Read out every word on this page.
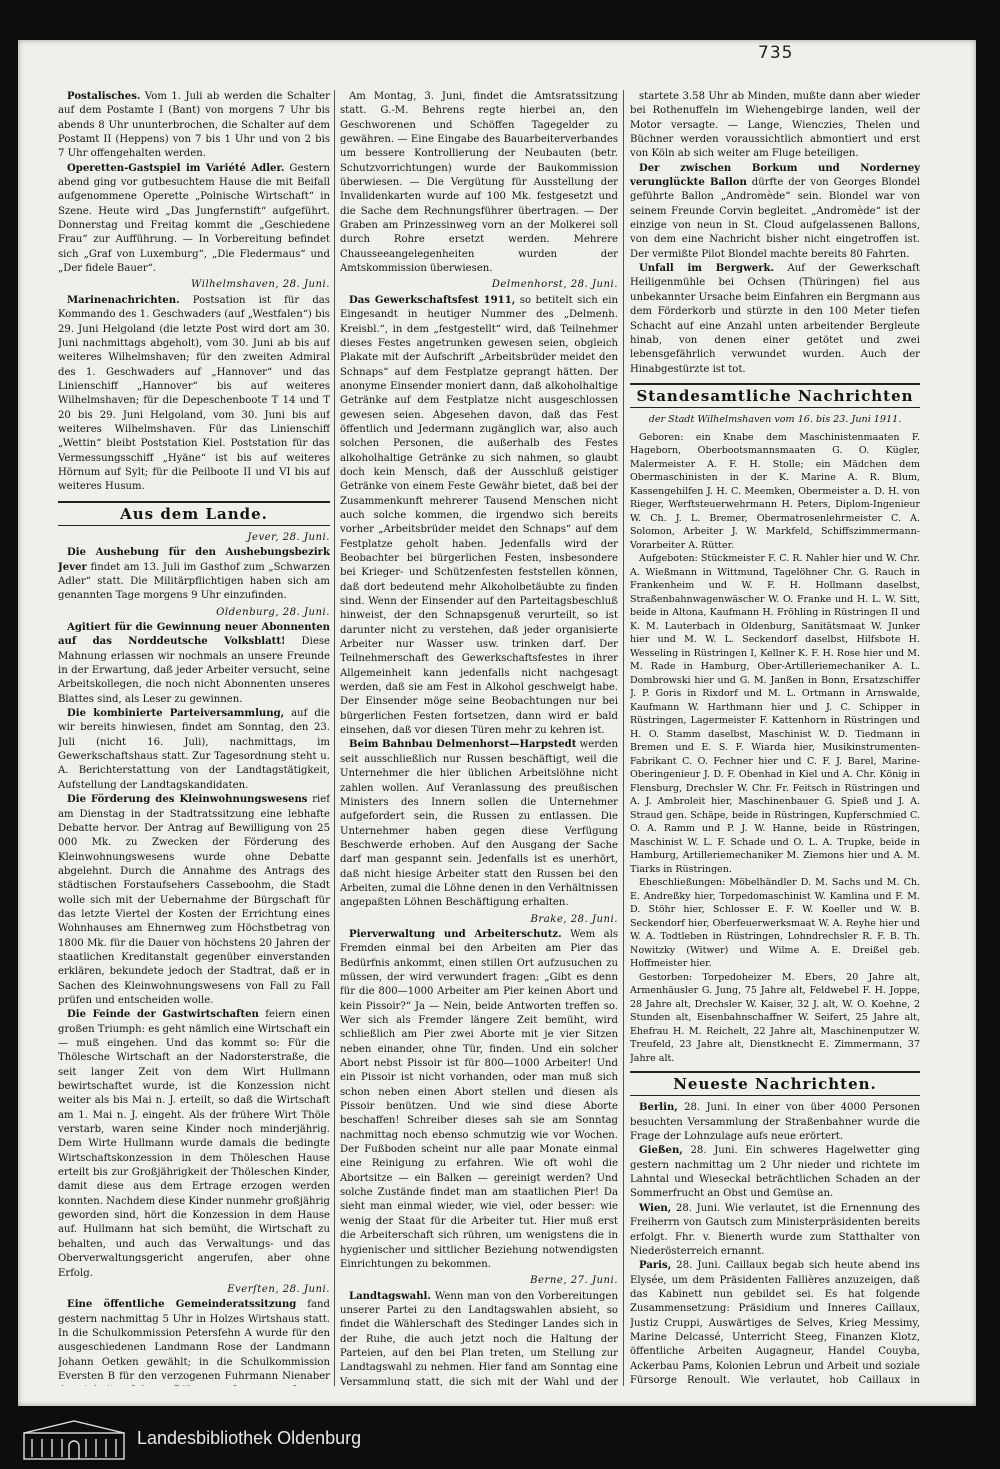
735

Postalisches. Vom 1. Juli ab werden die Schalter auf dem Postamte I (Bant) von morgens 7 Uhr bis abends 8 Uhr ununterbrochen, die Schalter auf dem Postamt II (Heppens) von 7 bis 1 Uhr und von 2 bis 7 Uhr offengehalten werden.

Operetten-Gastspiel im Variété Adler. Gestern abend ging vor gutbesuchtem Hause die mit Beifall aufgenommene Operette „Polnische Wirtschaft“ in Szene. Heute wird „Das Jungfernstift“ aufgeführt. Donnerstag und Freitag kommt die „Geschiedene Frau“ zur Aufführung. — In Vorbereitung befindet sich „Graf von Luxemburg“, „Die Fledermaus“ und „Der fidele Bauer“.

Wilhelmshaven, 28. Juni.

Marinenachrichten. Postsation ist für das Kommando des 1. Geschwaders (auf „Westfalen“) bis 29. Juni Helgoland (die letzte Post wird dort am 30. Juni nachmittags abgeholt), vom 30. Juni ab bis auf weiteres Wilhelmshaven; für den zweiten Admiral des 1. Geschwaders auf „Hannover“ und das Linienschiff „Hannover“ bis auf weiteres Wilhelmshaven; für die Depeschenboote T 14 und T 20 bis 29. Juni Helgoland, vom 30. Juni bis auf weiteres Wilhelmshaven. Für das Linienschiff „Wettin“ bleibt Poststation Kiel. Poststation für das Vermessungsschiff „Hyäne“ ist bis auf weiteres Hörnum auf Sylt; für die Peilboote II und VI bis auf weiteres Husum.

Aus dem Lande.
Jever, 28. Juni.

Die Aushebung für den Aushebungsbezirk Jever findet am 13. Juli im Gasthof zum „Schwarzen Adler“ statt. Die Militärpflichtigen haben sich am genannten Tage morgens 9 Uhr einzufinden.

Oldenburg, 28. Juni.

Agitiert für die Gewinnung neuer Abonnenten auf das Norddeutsche Volksblatt! Diese Mahnung erlassen wir nochmals an unsere Freunde in der Erwartung, daß jeder Arbeiter versucht, seine Arbeitskollegen, die noch nicht Abonnenten unseres Blattes sind, als Leser zu gewinnen.

Die kombinierte Parteiversammlung, auf die wir bereits hinwiesen, findet am Sonntag, den 23. Juli (nicht 16. Juli), nachmittags, im Gewerkschaftshaus statt. Zur Tagesordnung steht u. A. Berichterstattung von der Landtagstätigkeit, Aufstellung der Landtagskandidaten.

Die Förderung des Kleinwohnungswesens rief am Dienstag in der Stadtratssitzung eine lebhafte Debatte hervor. Der Antrag auf Bewilligung von 25 000 Mk. zu Zwecken der Förderung des Kleinwohnungswesens wurde ohne Debatte abgelehnt. Durch die Annahme des Antrags des städtischen Forstaufsehers Casseboohm, die Stadt wolle sich mit der Uebernahme der Bürgschaft für das letzte Viertel der Kosten der Errichtung eines Wohnhauses am Ehnernweg zum Höchstbetrag von 1800 Mk. für die Dauer von höchstens 20 Jahren der staatlichen Kreditanstalt gegenüber einverstanden erklären, bekundete jedoch der Stadtrat, daß er in Sachen des Kleinwohnungswesens von Fall zu Fall prüfen und entscheiden wolle.

Die Feinde der Gastwirtschaften feiern einen großen Triumph: es geht nämlich eine Wirtschaft ein — muß eingehen. Und das kommt so: Für die Thölesche Wirtschaft an der Nadorsterstraße, die seit langer Zeit von dem Wirt Hullmann bewirtschaftet wurde, ist die Konzession nicht weiter als bis Mai n. J. erteilt, so daß die Wirtschaft am 1. Mai n. J. eingeht. Als der frühere Wirt Thöle verstarb, waren seine Kinder noch minderjährig. Dem Wirte Hullmann wurde damals die bedingte Wirtschaftskonzession in dem Thöleschen Hause erteilt bis zur Großjährigkeit der Thöleschen Kinder, damit diese aus dem Ertrage erzogen werden konnten. Nachdem diese Kinder nunmehr großjährig geworden sind, hört die Konzession in dem Hause auf. Hullmann hat sich bemüht, die Wirtschaft zu behalten, und auch das Verwaltungs- und das Oberverwaltungsgericht angerufen, aber ohne Erfolg.

Everſten, 28. Juni.

Eine öffentliche Gemeinderatssitzung fand gestern nachmittag 5 Uhr in Holzes Wirtshaus statt. In die Schulkommission Petersfehn A wurde für den ausgeschiedenen Landmann Rose der Landmann Johann Oetken gewählt; in die Schulkommission Eversten B für den verzogenen Fuhrmann Nienaber

Am Montag, 3. Juni, findet die Amtsratssitzung statt. G.-M. Behrens regte hierbei an, den Geschworenen und Schöffen Tagegelder zu gewähren. — Eine Eingabe des Bauarbeiterverbandes um bessere Kontrollierung der Neubauten (betr. Schutzvorrichtungen) wurde der Baukommission überwiesen. — Die Vergütung für Ausstellung der Invalidenkarten wurde auf 100 Mk. festgesetzt und die Sache dem Rechnungsführer übertragen. — Der Graben am Prinzessinweg vorn an der Molkerei soll durch Rohre ersetzt werden. Mehrere Chausseeangelegenheiten wurden der Amtskommission überwiesen.

Delmenhorst, 28. Juni.

Das Gewerkschaftsfest 1911, so betitelt sich ein Eingesandt in heutiger Nummer des „Delmenh. Kreisbl.“, in dem „festgestellt“ wird, daß Teilnehmer dieses Festes angetrunken gewesen seien, obgleich Plakate mit der Aufschrift „Arbeitsbrüder meidet den Schnaps“ auf dem Festplatze geprangt hätten. Der anonyme Einsender moniert dann, daß alkoholhaltige Getränke auf dem Festplatze nicht ausgeschlossen gewesen seien. Abgesehen davon, daß das Fest öffentlich und Jedermann zugänglich war, also auch solchen Personen, die außerhalb des Festes alkoholhaltige Getränke zu sich nahmen, so glaubt doch kein Mensch, daß der Ausschluß geistiger Getränke von einem Feste Gewähr bietet, daß bei der Zusammenkunft mehrerer Tausend Menschen nicht auch solche kommen, die irgendwo sich bereits vorher „Arbeitsbrüder meidet den Schnaps“ auf dem Festplatze geholt haben. Jedenfalls wird der Beobachter bei bürgerlichen Festen, insbesondere bei Krieger- und Schützenfesten feststellen können, daß dort bedeutend mehr Alkoholbetäubte zu finden sind. Wenn der Einsender auf den Parteitagsbeschluß hinweist, der den Schnapsgenuß verurteilt, so ist darunter nicht zu verstehen, daß jeder organisierte Arbeiter nur Wasser usw. trinken darf. Der Teilnehmerschaft des Gewerkschaftsfestes in ihrer Allgemeinheit kann jedenfalls nicht nachgesagt werden, daß sie am Fest in Alkohol geschwelgt habe. Der Einsender möge seine Beobachtungen nur bei bürgerlichen Festen fortsetzen, dann wird er bald einsehen, daß vor diesen Türen mehr zu kehren ist.

Beim Bahnbau Delmenhorst—Harpstedt werden seit ausschließlich nur Russen beschäftigt, weil die Unternehmer die hier üblichen Arbeitslöhne nicht zahlen wollen. Auf Veranlassung des preußischen Ministers des Innern sollen die Unternehmer aufgefordert sein, die Russen zu entlassen. Die Unternehmer haben gegen diese Verfügung Beschwerde erhoben. Auf den Ausgang der Sache darf man gespannt sein. Jedenfalls ist es unerhört, daß nicht hiesige Arbeiter statt den Russen bei den Arbeiten, zumal die Löhne denen in den Verhältnissen angepaßten Löhnen Beschäftigung erhalten.

Brake, 28. Juni.

Pierverwaltung und Arbeiterschutz. Wem als Fremden einmal bei den Arbeiten am Pier das Bedürfnis ankommt, einen stillen Ort aufzusuchen zu müssen, der wird verwundert fragen: „Gibt es denn für die 800—1000 Arbeiter am Pier keinen Abort und kein Pissoir?“ Ja — Nein, beide Antworten treffen so. Wer sich als Fremder längere Zeit bemüht, wird schließlich am Pier zwei Aborte mit je vier Sitzen neben einander, ohne Tür, finden. Und ein solcher Abort nebst Pissoir ist für 800—1000 Arbeiter! Und ein Pissoir ist nicht vorhanden, oder man muß sich schon neben einen Abort stellen und diesen als Pissoir benützen. Und wie sind diese Aborte beschaffen! Schreiber dieses sah sie am Sonntag nachmittag noch ebenso schmutzig wie vor Wochen. Der Fußboden scheint nur alle paar Monate einmal eine Reinigung zu erfahren. Wie oft wohl die Abortsitze — ein Balken — gereinigt werden? Und solche Zustände findet man am staatlichen Pier! Da sieht man einmal wieder, wie viel, oder besser: wie wenig der Staat für die Arbeiter tut. Hier muß erst die Arbeiterschaft sich rühren, um wenigstens die in hygienischer und sittlicher Beziehung notwendigsten Einrichtungen zu bekommen.

Berne, 27. Juni.

Landtagswahl. Wenn man von den Vorbereitungen unserer Partei zu den Landtagswahlen absieht, so findet die Wählerschaft des Stedinger Landes sich in der Ruhe, die auch jetzt noch die Haltung der Parteien, auf den bei Plan treten, um Stellung zur Landtagswahl zu nehmen. Hier fand am Sonntag eine Versammlung statt, die sich mit der Wahl und der

startete 3.58 Uhr ab Minden, mußte dann aber wieder bei Rothenuffeln im Wiehengebirge landen, weil der Motor versagte. — Lange, Wienczies, Thelen und Büchner werden voraussichtlich abmontiert und erst von Köln ab sich weiter am Fluge beteiligen.

Der zwischen Borkum und Norderney verunglückte Ballon dürfte der von Georges Blondel geführte Ballon „Andromède“ sein. Blondel war von seinem Freunde Corvin begleitet. „Andromède“ ist der einzige von neun in St. Cloud aufgelassenen Ballons, von dem eine Nachricht bisher nicht eingetroffen ist. Der vermißte Pilot Blondel machte bereits 80 Fahrten.

Unfall im Bergwerk. Auf der Gewerkschaft Heiligenmühle bei Ochsen (Thüringen) fiel aus unbekannter Ursache beim Einfahren ein Bergmann aus dem Förderkorb und stürzte in den 100 Meter tiefen Schacht auf eine Anzahl unten arbeitender Bergleute hinab, von denen einer getötet und zwei lebensgefährlich verwundet wurden. Auch der Hinabgestürzte ist tot.

Standesamtliche Nachrichten
der Stadt Wilhelmshaven vom 16. bis 23. Juni 1911.

Geboren: ein Knabe dem Maschinistenmaaten F. Hageborn, Oberbootsmannsmaaten G. O. Kügler, Malermeister A. F. H. Stolle; ein Mädchen dem Obermaschinisten in der K. Marine A. R. Blum, Kassengehilfen J. H. C. Meemken, Obermeister a. D. H. von Rieger, Werftsteuerwehrmann H. Peters, Diplom-Ingenieur W. Ch. J. L. Bremer, Obermatrosenlehrmeister C. A. Solomon, Arbeiter J. W. Markfeld, Schiffszimmermann-Vorarbeiter A. Rütter.

Aufgeboten: Stückmeister F. C. R. Nahler hier und W. Chr. A. Wießmann in Wittmund, Tagelöhner Chr. G. Rauch in Frankenheim und W. F. H. Hollmann daselbst, Straßenbahnwagenwäscher W. O. Franke und H. L. W. Sitt, beide in Altona, Kaufmann H. Fröhling in Rüstringen II und K. M. Lauterbach in Oldenburg, Sanitätsmaat W. Junker hier und M. W. L. Seckendorf daselbst, Hilfsbote H. Wesseling in Rüstringen I, Kellner K. F. H. Rose hier und M. M. Rade in Hamburg, Ober-Artilleriemechaniker A. L. Dombrowski hier und G. M. Janßen in Bonn, Ersatzschiffer J. P. Goris in Rixdorf und M. L. Ortmann in Arnswalde, Kaufmann W. Harthmann hier und J. C. Schipper in Rüstringen, Lagermeister F. Kattenhorn in Rüstringen und H. O. Stamm daselbst, Maschinist W. D. Tiedmann in Bremen und E. S. F. Wiarda hier, Musikinstrumenten-Fabrikant C. O. Fechner hier und C. F. J. Barel, Marine-Oberingenieur J. D. F. Obenhad in Kiel und A. Chr. König in Flensburg, Drechsler W. Chr. Fr. Feitsch in Rüstringen und A. J. Ambroleit hier, Maschinenbauer G. Spieß und J. A. Straud gen. Schäpe, beide in Rüstringen, Kupferschmied C. O. A. Ramm und P. J. W. Hanne, beide in Rüstringen, Maschinist W. L. F. Schade und O. L. A. Trupke, beide in Hamburg, Artilleriemechaniker M. Ziemons hier und A. M. Tiarks in Rüstringen.

Eheschließungen: Möbelhändler D. M. Sachs und M. Ch. E. Andreßky hier, Torpedomaschinist W. Kamlina und F. M. D. Stöhr hier, Schlosser E. F. W. Koeller und W. B. Seckendorf hier, Oberfeuerwerksmaat W. A. Reyhe hier und W. A. Todtleben in Rüstringen, Lohndrechsler R. F. B. Th. Nowitzky (Witwer) und Wilme A. E. Dreißel geb. Hoffmeister hier.

Gestorben: Torpedoheizer M. Ebers, 20 Jahre alt, Armenhäusler G. Jung, 75 Jahre alt, Feldwebel F. H. Joppe, 28 Jahre alt, Drechsler W. Kaiser, 32 J. alt, W. O. Koehne, 2 Stunden alt, Eisenbahnschaffner W. Seifert, 25 Jahre alt, Ehefrau H. M. Reichelt, 22 Jahre alt, Maschinenputzer W. Treufeld, 23 Jahre alt, Dienstknecht E. Zimmermann, 37 Jahre alt.

Neueste Nachrichten.

Berlin, 28. Juni. In einer von über 4000 Personen besuchten Versammlung der Straßenbahner wurde die Frage der Lohnzulage aufs neue erörtert.

Gießen, 28. Juni. Ein schweres Hagelwetter ging gestern nachmittag um 2 Uhr nieder und richtete im Lahntal und Wieseckal beträchtlichen Schaden an der Sommerfrucht an Obst und Gemüse an.

Wien, 28. Juni. Wie verlautet, ist die Ernennung des Freiherrn von Gautsch zum Ministerpräsidenten bereits erfolgt. Fhr. v. Bienerth wurde zum Statthalter von Niederösterreich ernannt.

Paris, 28. Juni. Caillaux begab sich heute abend ins Elysée, um dem Präsidenten Fallières anzuzeigen, daß das Kabinett nun gebildet sei. Es hat folgende Zusammensetzung: Präsidium und Inneres Caillaux, Justiz Cruppi, Auswärtiges de Selves, Krieg Messimy, Marine Delcassé, Unterricht Steeg, Finanzen Klotz, öffentliche Arbeiten Augagneur, Handel Couyba, Ackerbau Pams, Kolonien Lebrun und Arbeit und soziale Fürsorge Renoult. Wie verlautet, hob Caillaux in

Landesbibliothek Oldenburg
